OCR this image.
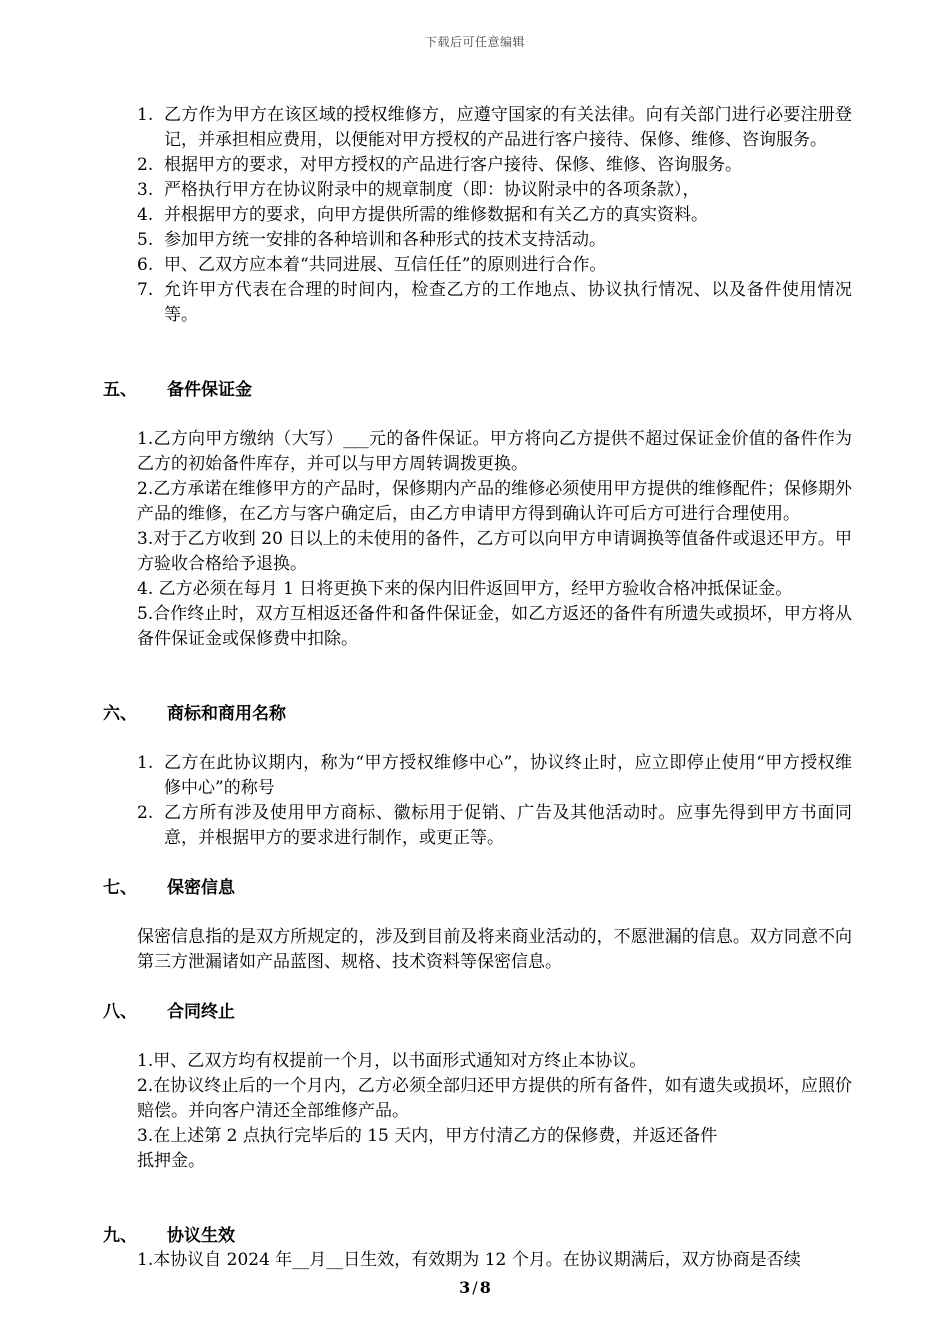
下载后可任意编辑
1. 乙方作为甲方在该区域的授权维修方，应遵守国家的有关法律。向有关部门进行必要注册登记，并承担相应费用，以便能对甲方授权的产品进行客户接待、保修、维修、咨询服务。
2. 根据甲方的要求，对甲方授权的产品进行客户接待、保修、维修、咨询服务。
3. 严格执行甲方在协议附录中的规章制度（即：协议附录中的各项条款），
4. 并根据甲方的要求，向甲方提供所需的维修数据和有关乙方的真实资料。
5. 参加甲方统一安排的各种培训和各种形式的技术支持活动。
6. 甲、乙双方应本着“共同进展、互信任任”的原则进行合作。
7. 允许甲方代表在合理的时间内，检查乙方的工作地点、协议执行情况、以及备件使用情况等。
五、 备件保证金
1.乙方向甲方缴纳（大写）___元的备件保证。甲方将向乙方提供不超过保证金价值的备件作为乙方的初始备件库存，并可以与甲方周转调拨更换。
2.乙方承诺在维修甲方的产品时，保修期内产品的维修必须使用甲方提供的维修配件；保修期外产品的维修，在乙方与客户确定后，由乙方申请甲方得到确认许可后方可进行合理使用。
3.对于乙方收到 20 日以上的未使用的备件，乙方可以向甲方申请调换等值备件或退还甲方。甲方验收合格给予退换。
4. 乙方必须在每月 1 日将更换下来的保内旧件返回甲方，经甲方验收合格冲抵保证金。
5.合作终止时，双方互相返还备件和备件保证金，如乙方返还的备件有所遗失或损坏，甲方将从备件保证金或保修费中扣除。
六、 商标和商用名称
1. 乙方在此协议期内，称为“甲方授权维修中心”，协议终止时，应立即停止使用“甲方授权维修中心”的称号
2. 乙方所有涉及使用甲方商标、徽标用于促销、广告及其他活动时。应事先得到甲方书面同意，并根据甲方的要求进行制作，或更正等。
七、 保密信息
保密信息指的是双方所规定的，涉及到目前及将来商业活动的，不愿泄漏的信息。双方同意不向第三方泄漏诸如产品蓝图、规格、技术资料等保密信息。
八、 合同终止
1.甲、乙双方均有权提前一个月，以书面形式通知对方终止本协议。
2.在协议终止后的一个月内，乙方必须全部归还甲方提供的所有备件，如有遗失或损坏，应照价赔偿。并向客户清还全部维修产品。
3.在上述第 2 点执行完毕后的 15 天内，甲方付清乙方的保修费，并返还备件
抵押金。
九、 协议生效
1.本协议自 2024 年__月__日生效，有效期为 12 个月。在协议期满后，双方协商是否续
3 / 8
